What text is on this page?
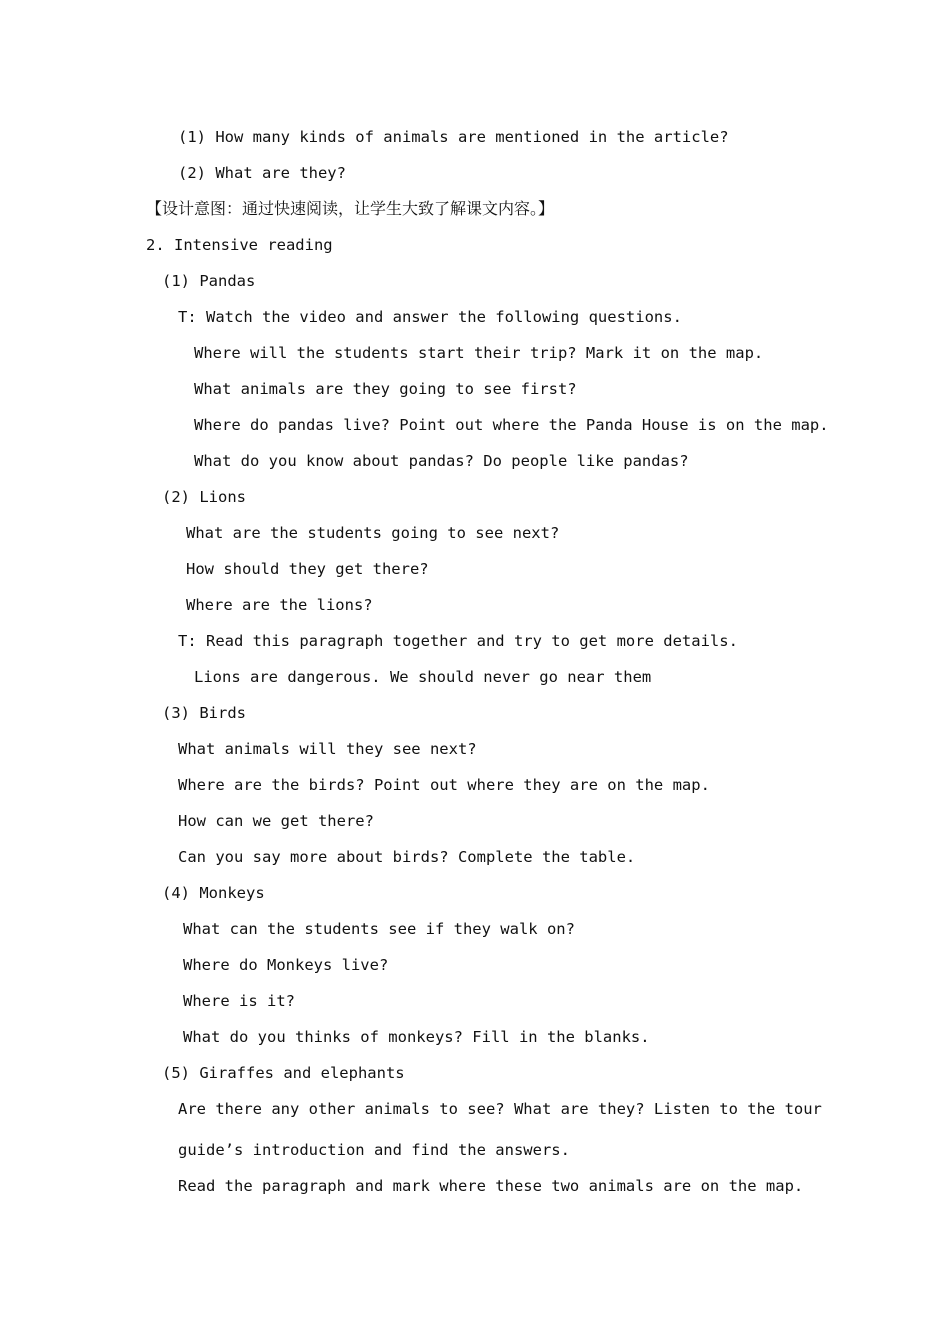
(1) How many kinds of animals are mentioned in the article?
(2) What are they?
【设计意图：通过快速阅读，让学生大致了解课文内容。】
2. Intensive reading
(1) Pandas
T: Watch the video and answer the following questions.
Where will the students start their trip? Mark it on the map.
What animals are they going to see first?
Where do pandas live? Point out where the Panda House is on the map.
What do you know about pandas? Do people like pandas?
(2) Lions
What are the students going to see next?
How should they get there?
Where are the lions?
T: Read this paragraph together and try to get more details.
Lions are dangerous. We should never go near them
(3) Birds
What animals will they see next?
Where are the birds? Point out where they are on the map.
How can we get there?
Can you say more about birds? Complete the table.
(4) Monkeys
What can the students see if they walk on?
Where do Monkeys live?
Where is it?
What do you thinks of monkeys? Fill in the blanks.
(5) Giraffes and elephants
Are there any other animals to see? What are they? Listen to the tour
guide’s introduction and find the answers.
Read the paragraph and mark where these two animals are on the map.
